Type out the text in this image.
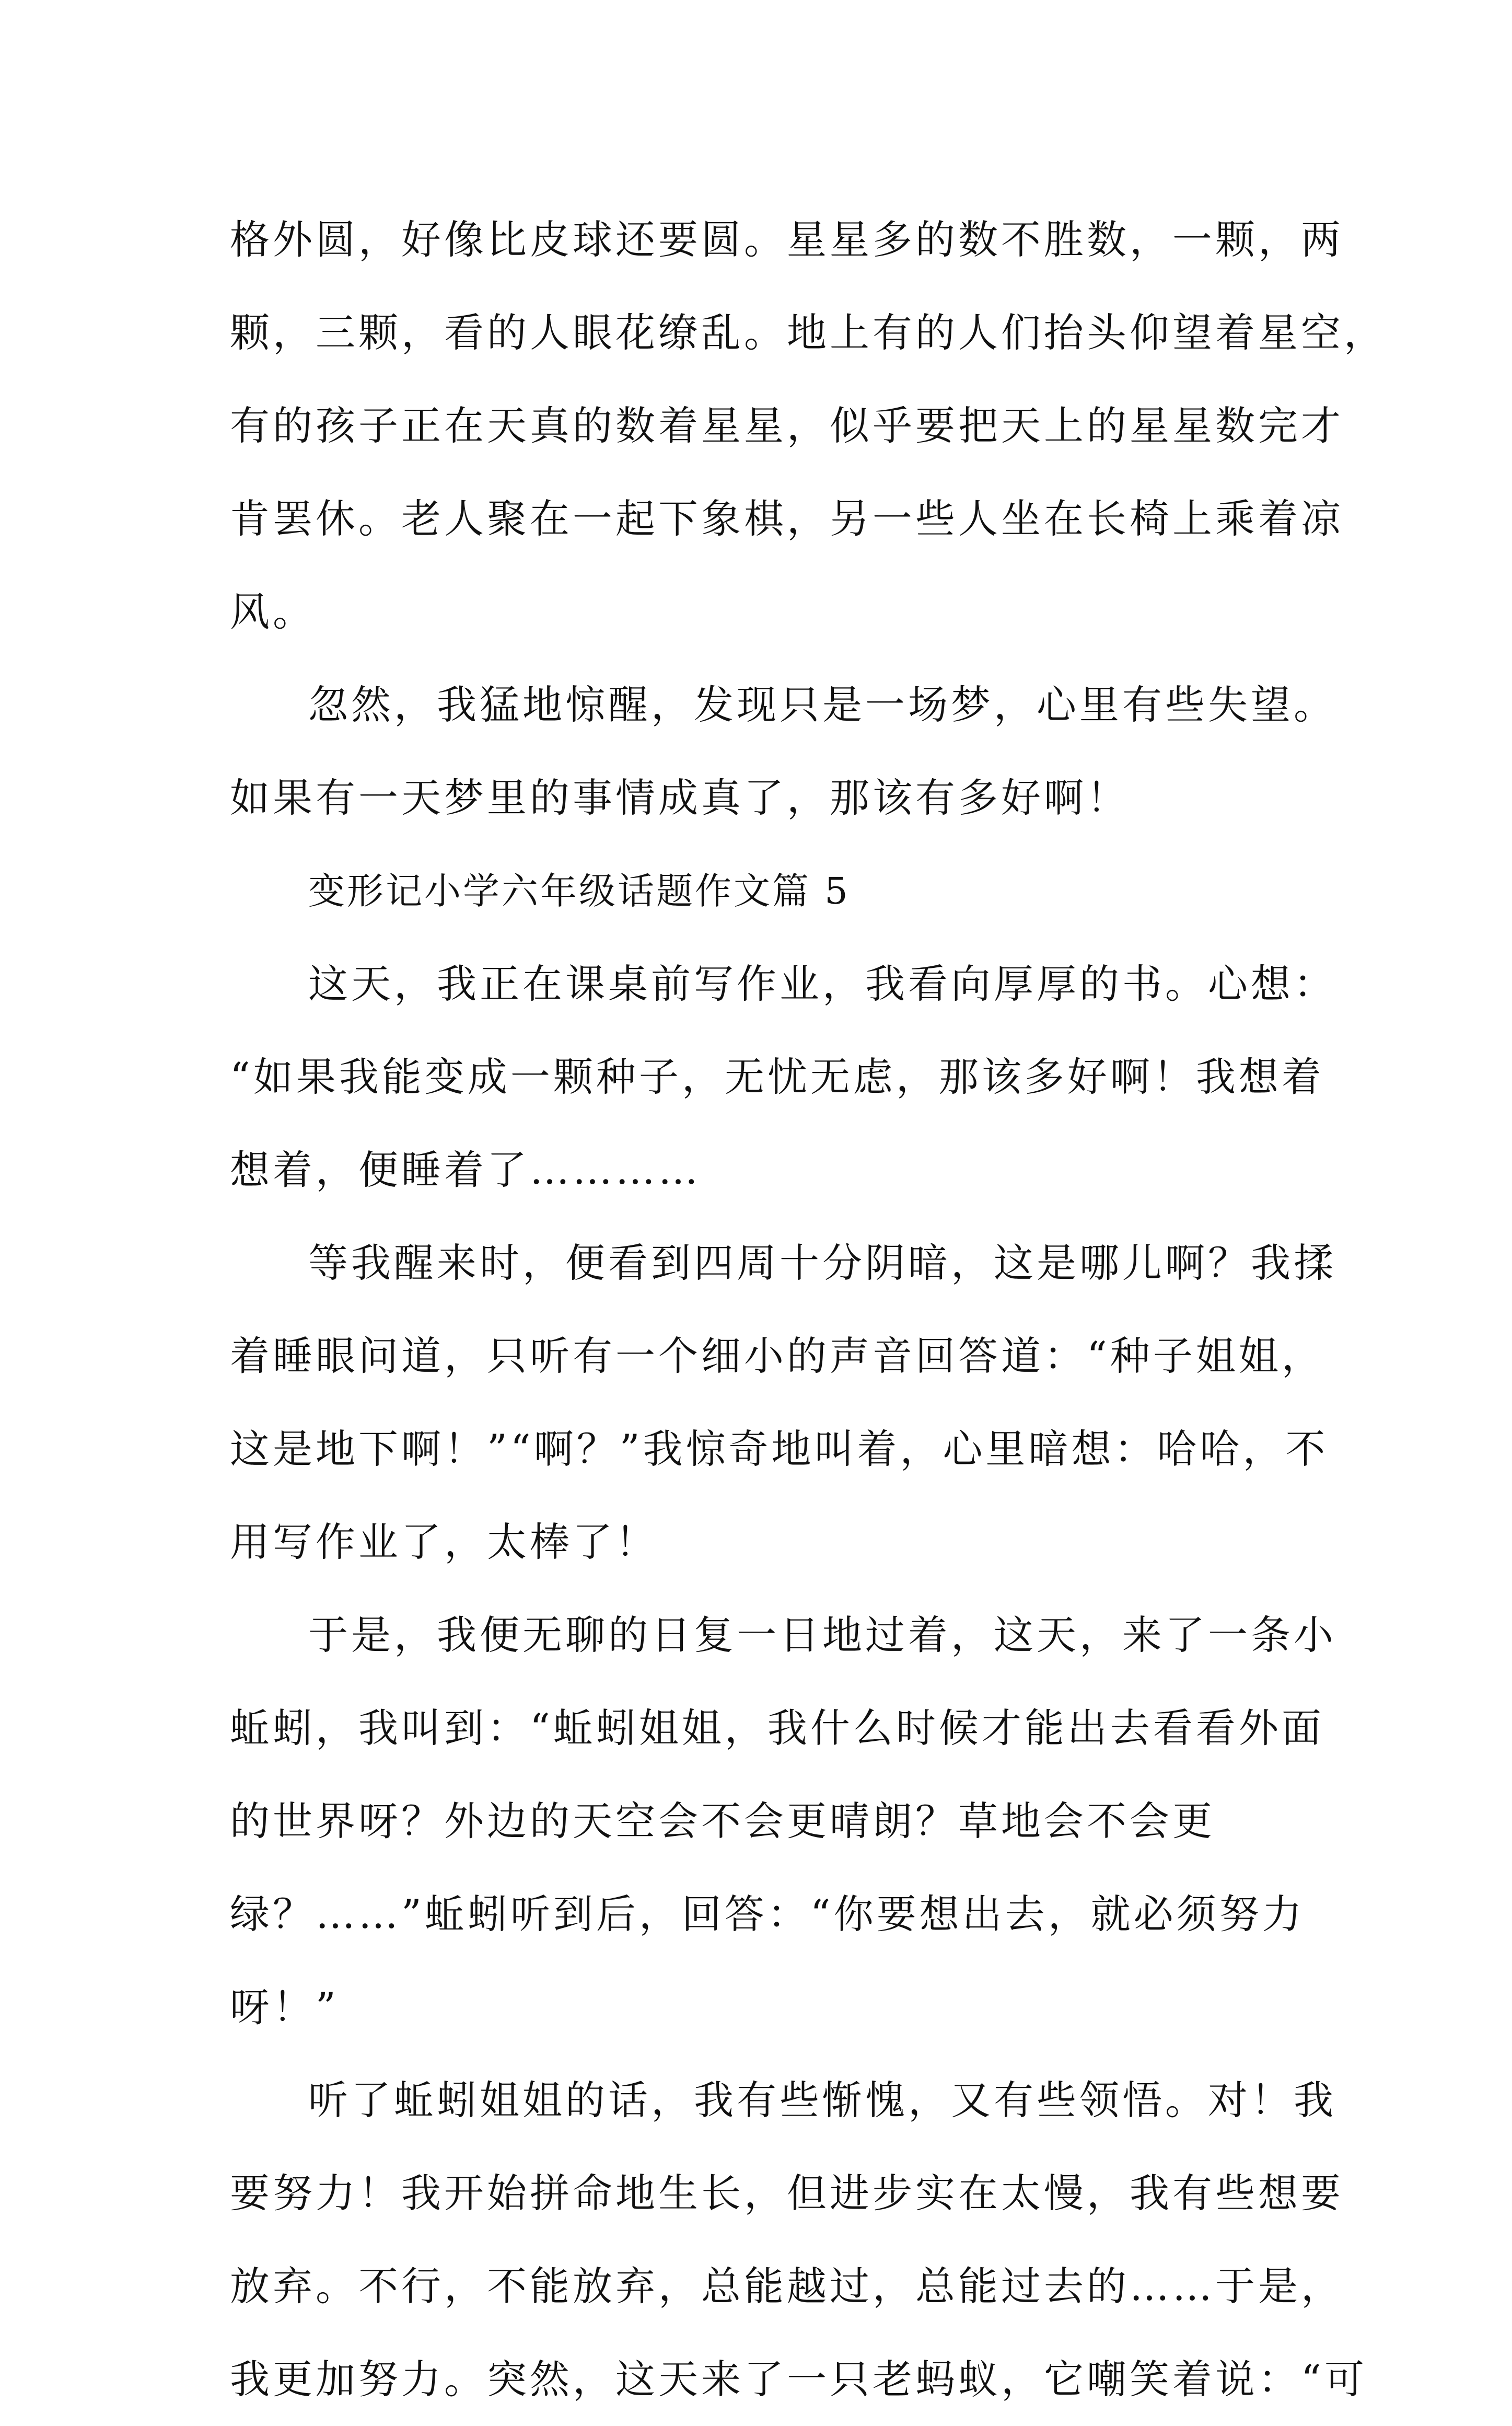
格外圆，好像比皮球还要圆。星星多的数不胜数，一颗，两
颗，三颗，看的人眼花缭乱。地上有的人们抬头仰望着星空，
有的孩子正在天真的数着星星，似乎要把天上的星星数完才
肯罢休。老人聚在一起下象棋，另一些人坐在长椅上乘着凉
风。
忽然，我猛地惊醒，发现只是一场梦，心里有些失望。
如果有一天梦里的事情成真了，那该有多好啊！
变形记小学六年级话题作文篇 5
这天，我正在课桌前写作业，我看向厚厚的书。心想：
“如果我能变成一颗种子，无忧无虑，那该多好啊！我想着
想着，便睡着了…………
等我醒来时，便看到四周十分阴暗，这是哪儿啊？我揉
着睡眼问道，只听有一个细小的声音回答道：“种子姐姐，
这是地下啊！”“啊？”我惊奇地叫着，心里暗想：哈哈，不
用写作业了，太棒了！
于是，我便无聊的日复一日地过着，这天，来了一条小
蚯蚓，我叫到：“蚯蚓姐姐，我什么时候才能出去看看外面
的世界呀？外边的天空会不会更晴朗？草地会不会更
绿？……”蚯蚓听到后，回答：“你要想出去，就必须努力
呀！”
听了蚯蚓姐姐的话，我有些惭愧，又有些领悟。对！我
要努力！我开始拼命地生长，但进步实在太慢，我有些想要
放弃。不行，不能放弃，总能越过，总能过去的……于是，
我更加努力。突然，这天来了一只老蚂蚁，它嘲笑着说：“可
